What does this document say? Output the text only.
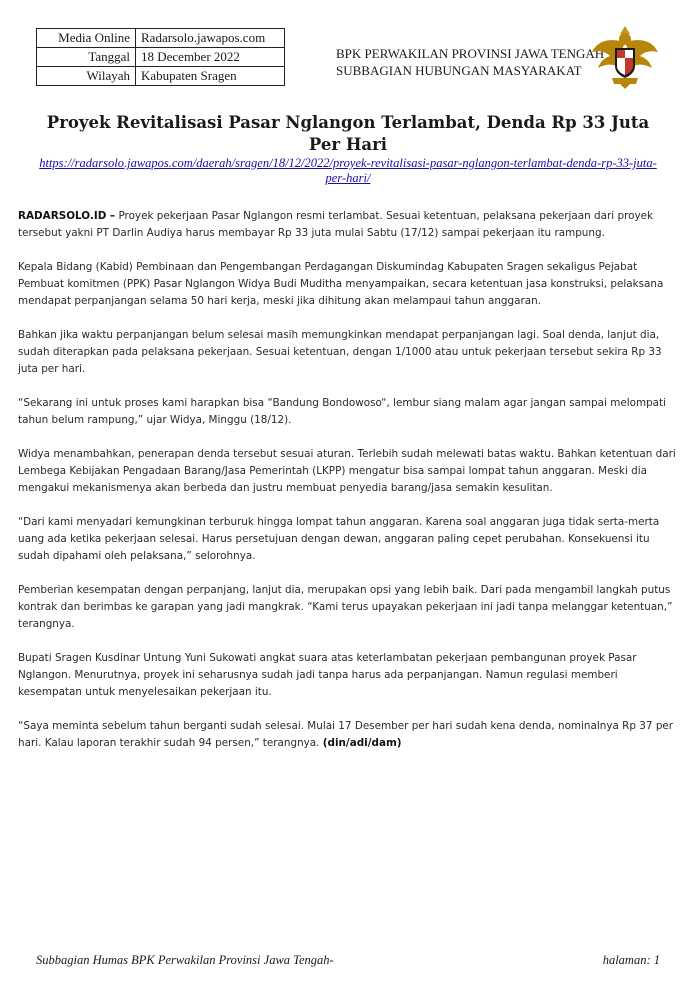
Media Online	Radarsolo.jawapos.com
Tanggal	18 December 2022
Wilayah	Kabupaten Sragen
BPK PERWAKILAN PROVINSI JAWA TENGAH
SUBBAGIAN HUBUNGAN MASYARAKAT
Proyek Revitalisasi Pasar Nglangon Terlambat, Denda Rp 33 Juta Per Hari
https://radarsolo.jawapos.com/daerah/sragen/18/12/2022/proyek-revitalisasi-pasar-nglangon-terlambat-denda-rp-33-juta-per-hari/

RADARSOLO.ID – Proyek pekerjaan Pasar Nglangon resmi terlambat. Sesuai ketentuan, pelaksana pekerjaan dari proyek tersebut yakni PT Darlin Audiya harus membayar Rp 33 juta mulai Sabtu (17/12) sampai pekerjaan itu rampung.

Kepala Bidang (Kabid) Pembinaan dan Pengembangan Perdagangan Diskumindag Kabupaten Sragen sekaligus Pejabat Pembuat komitmen (PPK) Pasar Nglangon Widya Budi Muditha menyampaikan, secara ketentuan jasa konstruksi, pelaksana mendapat perpanjangan selama 50 hari kerja, meski jika dihitung akan melampaui tahun anggaran.

Bahkan jika waktu perpanjangan belum selesai masih memungkinkan mendapat perpanjangan lagi. Soal denda, lanjut dia, sudah diterapkan pada pelaksana pekerjaan. Sesuai ketentuan, dengan 1/1000 atau untuk pekerjaan tersebut sekira Rp 33 juta per hari.

“Sekarang ini untuk proses kami harapkan bisa “Bandung Bondowoso“, lembur siang malam agar jangan sampai melompati tahun belum rampung,” ujar Widya, Minggu (18/12).

Widya menambahkan, penerapan denda tersebut sesuai aturan. Terlebih sudah melewati batas waktu. Bahkan ketentuan dari Lembega Kebijakan Pengadaan Barang/Jasa Pemerintah (LKPP) mengatur bisa sampai lompat tahun anggaran. Meski dia mengakui mekanismenya akan berbeda dan justru membuat penyedia barang/jasa semakin kesulitan.

“Dari kami menyadari kemungkinan terburuk hingga lompat tahun anggaran. Karena soal anggaran juga tidak serta-merta uang ada ketika pekerjaan selesai. Harus persetujuan dengan dewan, anggaran paling cepet perubahan. Konsekuensi itu sudah dipahami oleh pelaksana,” selorohnya.

Pemberian kesempatan dengan perpanjang, lanjut dia, merupakan opsi yang lebih baik. Dari pada mengambil langkah putus kontrak dan berimbas ke garapan yang jadi mangkrak. “Kami terus upayakan pekerjaan ini jadi tanpa melanggar ketentuan,” terangnya.

Bupati Sragen Kusdinar Untung Yuni Sukowati angkat suara atas keterlambatan pekerjaan pembangunan proyek Pasar Nglangon. Menurutnya, proyek ini seharusnya sudah jadi tanpa harus ada perpanjangan. Namun regulasi memberi kesempatan untuk menyelesaikan pekerjaan itu.

“Saya meminta sebelum tahun berganti sudah selesai. Mulai 17 Desember per hari sudah kena denda, nominalnya Rp 37 per hari. Kalau laporan terakhir sudah 94 persen,” terangnya. (din/adi/dam)

Subbagian Humas BPK Perwakilan Provinsi Jawa Tengah-	halaman: 1
